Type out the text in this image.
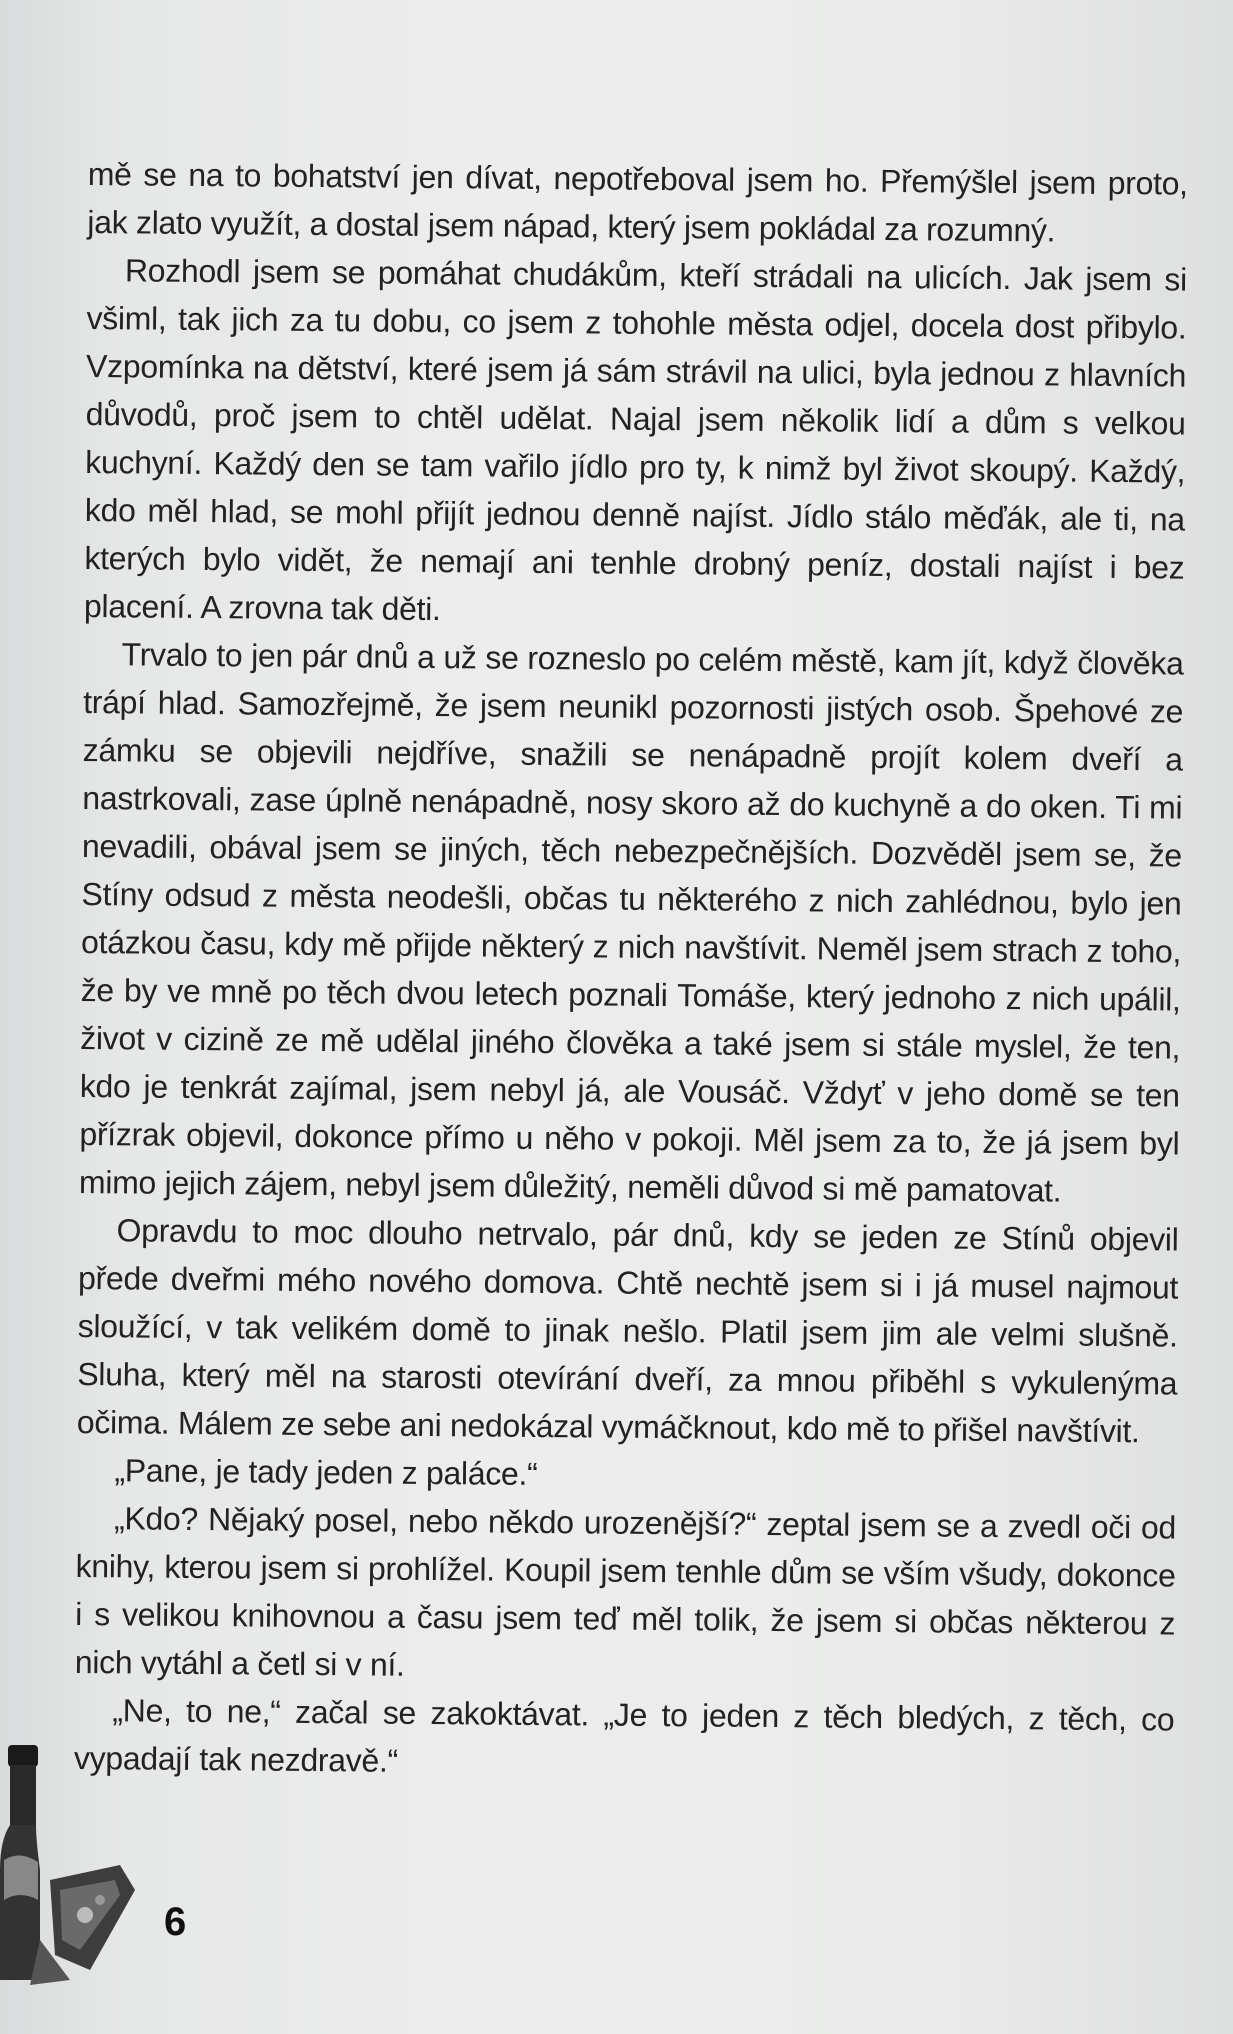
mě se na to bohatství jen dívat, nepotřeboval jsem ho. Přemýšlel jsem proto, jak zlato využít, a dostal jsem nápad, který jsem pokládal za rozumný.

Rozhodl jsem se pomáhat chudákům, kteří strádali na ulicích. Jak jsem si všiml, tak jich za tu dobu, co jsem z tohohle města odjel, docela dost přibylo. Vzpomínka na dětství, které jsem já sám strávil na ulici, byla jednou z hlavních důvodů, proč jsem to chtěl udělat. Najal jsem několik lidí a dům s velkou kuchyní. Každý den se tam vařilo jídlo pro ty, k nimž byl život skoupý. Každý, kdo měl hlad, se mohl přijít jednou denně najíst. Jídlo stálo měďák, ale ti, na kterých bylo vidět, že nemají ani tenhle drobný peníz, dostali najíst i bez placení. A zrovna tak děti.

Trvalo to jen pár dnů a už se rozneslo po celém městě, kam jít, když člověka trápí hlad. Samozřejmě, že jsem neunikl pozornosti jistých osob. Špehové ze zámku se objevili nejdříve, snažili se nenápadně projít kolem dveří a nastrkovali, zase úplně nenápadně, nosy skoro až do kuchyně a do oken. Ti mi nevadili, obával jsem se jiných, těch nebezpečnějších. Dozvěděl jsem se, že Stíny odsud z města neodešli, občas tu některého z nich zahlédnou, bylo jen otázkou času, kdy mě přijde některý z nich navštívit. Neměl jsem strach z toho, že by ve mně po těch dvou letech poznali Tomáše, který jednoho z nich upálil, život v cizině ze mě udělal jiného člověka a také jsem si stále myslel, že ten, kdo je tenkrát zajímal, jsem nebyl já, ale Vousáč. Vždyť v jeho domě se ten přízrak objevil, dokonce přímo u něho v pokoji. Měl jsem za to, že já jsem byl mimo jejich zájem, nebyl jsem důležitý, neměli důvod si mě pamatovat.

Opravdu to moc dlouho netrvalo, pár dnů, kdy se jeden ze Stínů objevil přede dveřmi mého nového domova. Chtě nechtě jsem si i já musel najmout sloužící, v tak velikém domě to jinak nešlo. Platil jsem jim ale velmi slušně. Sluha, který měl na starosti otevírání dveří, za mnou přiběhl s vykulenýma očima. Málem ze sebe ani nedokázal vymáčknout, kdo mě to přišel navštívit.

„Pane, je tady jeden z paláce.“

„Kdo? Nějaký posel, nebo někdo urozenější?“ zeptal jsem se a zvedl oči od knihy, kterou jsem si prohlížel. Koupil jsem tenhle dům se vším všudy, dokonce i s velikou knihovnou a času jsem teď měl tolik, že jsem si občas některou z nich vytáhl a četl si v ní.

„Ne, to ne,“ začal se zakoktávat. „Je to jeden z těch bledých, z těch, co vypadají tak nezdravě.“

6
